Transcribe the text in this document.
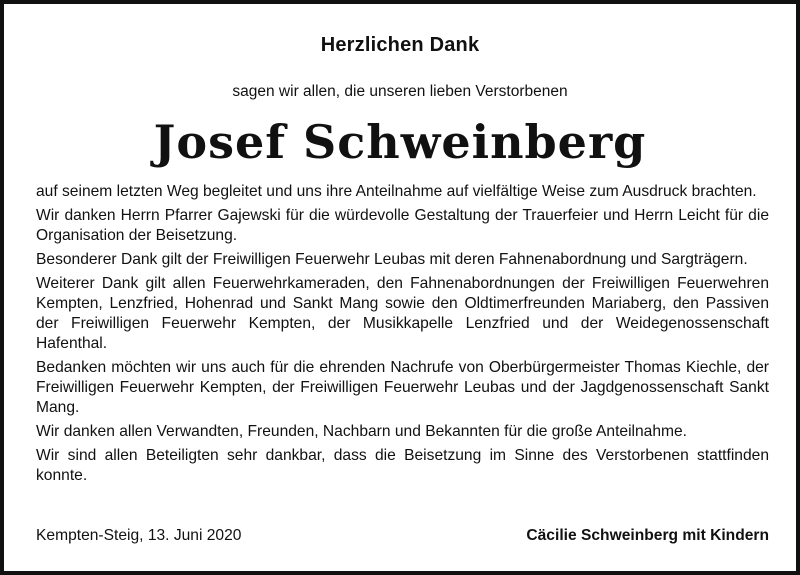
Herzlichen Dank
sagen wir allen, die unseren lieben Verstorbenen
Josef Schweinberg

auf seinem letzten Weg begleitet und uns ihre Anteilnahme auf vielfältige Weise zum Ausdruck brachten.

Wir danken Herrn Pfarrer Gajewski für die würdevolle Gestaltung der Trauerfeier und Herrn Leicht für die Organisation der Beisetzung.

Besonderer Dank gilt der Freiwilligen Feuerwehr Leubas mit deren Fahnenabordnung und Sargträgern.

Weiterer Dank gilt allen Feuerwehrkameraden, den Fahnenabordnungen der Freiwilligen Feuerwehren Kempten, Lenzfried, Hohenrad und Sankt Mang sowie den Oldtimerfreunden Mariaberg, den Passiven der Freiwilligen Feuerwehr Kempten, der Musikkapelle Lenzfried und der Weidegenossenschaft Hafenthal.

Bedanken möchten wir uns auch für die ehrenden Nachrufe von Oberbürgermeister Thomas Kiechle, der Freiwilligen Feuerwehr Kempten, der Freiwilligen Feuerwehr Leubas und der Jagdgenossenschaft Sankt Mang.

Wir danken allen Verwandten, Freunden, Nachbarn und Bekannten für die große Anteilnahme.

Wir sind allen Beteiligten sehr dankbar, dass die Beisetzung im Sinne des Verstorbenen stattfinden konnte.

Kempten-Steig, 13. Juni 2020	Cäcilie Schweinberg mit Kindern
